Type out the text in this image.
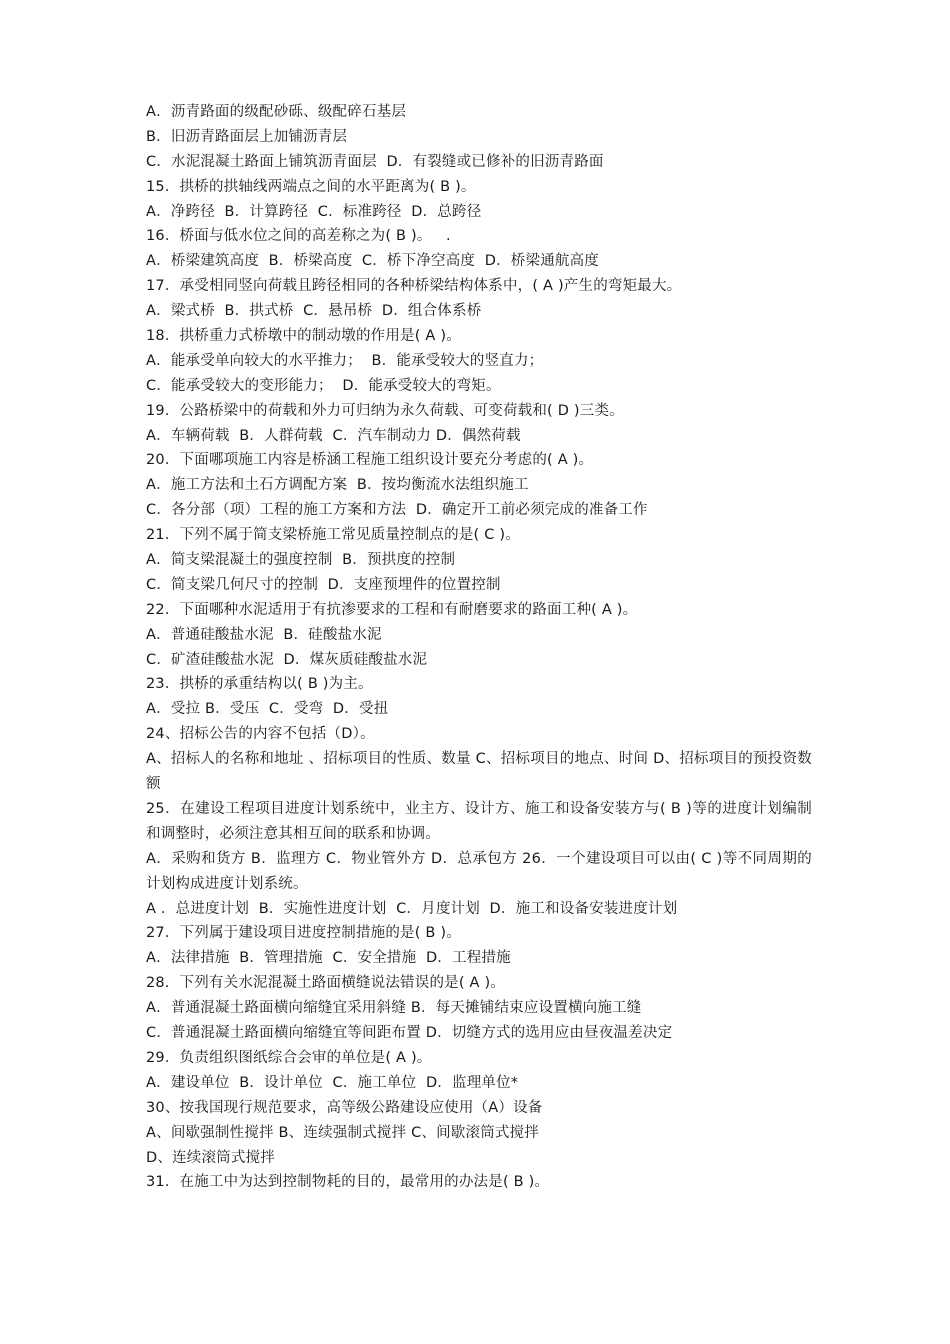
A．沥青路面的级配砂砾、级配碎石基层
B．旧沥青路面层上加铺沥青层
C．水泥混凝土路面上铺筑沥青面层  D．有裂缝或已修补的旧沥青路面
15．拱桥的拱轴线两端点之间的水平距离为( B )。
A．净跨径  B．计算跨径  C．标准跨径  D．总跨径
16．桥面与低水位之间的高差称之为( B )。   .
A．桥梁建筑高度  B．桥梁高度  C．桥下净空高度  D．桥梁通航高度
17．承受相同竖向荷载且跨径相同的各种桥梁结构体系中，( A )产生的弯矩最大。
A．梁式桥  B．拱式桥  C．悬吊桥  D．组合体系桥
18．拱桥重力式桥墩中的制动墩的作用是( A )。
A．能承受单向较大的水平推力；  B．能承受较大的竖直力；
C．能承受较大的变形能力；  D．能承受较大的弯矩。
19．公路桥梁中的荷载和外力可归纳为永久荷载、可变荷载和( D )三类。
A．车辆荷载  B．人群荷载  C．汽车制动力 D．偶然荷载
20．下面哪项施工内容是桥涵工程施工组织设计要充分考虑的( A )。
A．施工方法和土石方调配方案  B．按均衡流水法组织施工
C．各分部（项）工程的施工方案和方法  D．确定开工前必须完成的准备工作
21．下列不属于简支梁桥施工常见质量控制点的是( C )。
A．简支梁混凝土的强度控制  B．预拱度的控制
C．简支梁几何尺寸的控制  D．支座预埋件的位置控制
22．下面哪种水泥适用于有抗渗要求的工程和有耐磨要求的路面工种( A )。
A．普通硅酸盐水泥  B．硅酸盐水泥
C．矿渣硅酸盐水泥  D．煤灰质硅酸盐水泥
23．拱桥的承重结构以( B )为主。
A．受拉 B．受压  C．受弯  D．受扭
24、招标公告的内容不包括（D）。
A、招标人的名称和地址 、招标项目的性质、数量 C、招标项目的地点、时间 D、招标项目的预投资数额
25．在建设工程项目进度计划系统中，业主方、设计方、施工和设备安装方与( B )等的进度计划编制和调整时，必须注意其相互间的联系和协调。
A．采购和货方 B．监理方 C．物业管外方 D．总承包方 26．一个建设项目可以由( C )等不同周期的计划构成进度计划系统。
A ．总进度计划  B．实施性进度计划  C．月度计划  D．施工和设备安装进度计划
27．下列属于建设项目进度控制措施的是( B )。
A．法律措施  B．管理措施  C．安全措施  D．工程措施
28．下列有关水泥混凝土路面横缝说法错误的是( A )。
A．普通混凝土路面横向缩缝宜采用斜缝 B．每天摊铺结束应设置横向施工缝
C．普通混凝土路面横向缩缝宜等间距布置 D．切缝方式的选用应由昼夜温差决定
29．负责组织图纸综合会审的单位是( A )。
A．建设单位  B．设计单位  C．施工单位  D．监理单位*
30、按我国现行规范要求，高等级公路建设应使用（A）设备
A、间歇强制性搅拌 B、连续强制式搅拌 C、间歇滚筒式搅拌
D、连续滚筒式搅拌
31．在施工中为达到控制物耗的目的，最常用的办法是( B )。
